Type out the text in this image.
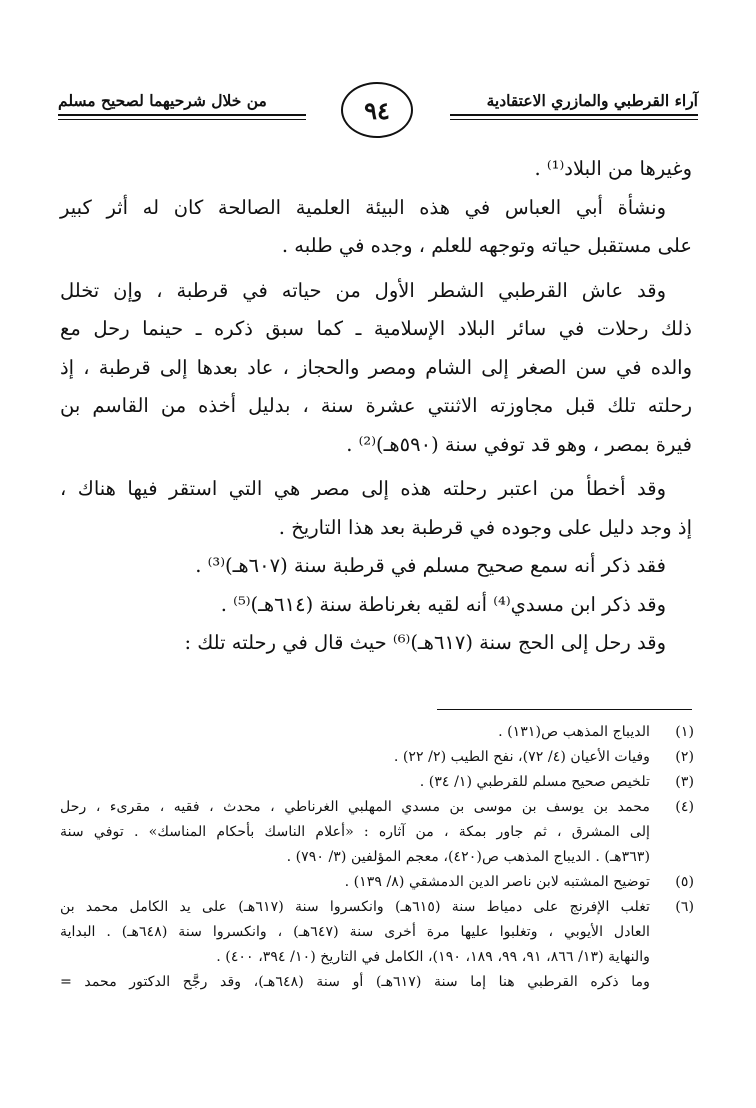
آراء القرطبي والمازري الاعتقادية
٩٤
من خلال شرحيهما لصحيح مسلم
وغيرها من البلاد⁽¹⁾ .
ونشأة أبي العباس في هذه البيئة العلمية الصالحة كان له أثر كبير
على مستقبل حياته وتوجهه للعلم ، وجده في طلبه .
وقد عاش القرطبي الشطر الأول من حياته في قرطبة ، وإن تخلل
ذلك رحلات في سائر البلاد الإسلامية ـ كما سبق ذكره ـ حينما رحل مع
والده في سن الصغر إلى الشام ومصر والحجاز ، عاد بعدها إلى قرطبة ، إذ
رحلته تلك قبل مجاوزته الاثنتي عشرة سنة ، بدليل أخذه من القاسم بن
فيرة بمصر ، وهو قد توفي سنة (٥٩٠هـ)⁽²⁾ .
وقد أخطأ من اعتبر رحلته هذه إلى مصر هي التي استقر فيها هناك ،
إذ وجد دليل على وجوده في قرطبة بعد هذا التاريخ .
فقد ذكر أنه سمع صحيح مسلم في قرطبة سنة (٦٠٧هـ)⁽³⁾ .
وقد ذكر ابن مسدي⁽⁴⁾ أنه لقيه بغرناطة سنة (٦١٤هـ)⁽⁵⁾ .
وقد رحل إلى الحج سنة (٦١٧هـ)⁽⁶⁾ حيث قال في رحلته تلك :
(١)
الديباج المذهب ص(١٣١) .
(٢)
وفيات الأعيان (٤/ ٧٢)، نفح الطيب (٢/ ٢٢) .
(٣)
تلخيص صحيح مسلم للقرطبي (١/ ٣٤) .
(٤)
محمد بن يوسف بن موسى بن مسدي المهلبي الغرناطي ، محدث ، فقيه ، مقرىء ، رحل
إلى المشرق ، ثم جاور بمكة ، من آثاره : «أعلام الناسك بأحكام المناسك» . توفي سنة
(٣٦٣هـ) . الديباج المذهب ص(٤٢٠)، معجم المؤلفين (٣/ ٧٩٠) .
(٥)
توضيح المشتبه لابن ناصر الدين الدمشقي (٨/ ١٣٩) .
(٦)
تغلب الإفرنج على دمياط سنة (٦١٥هـ) وانكسروا سنة (٦١٧هـ) على يد الكامل محمد بن
العادل الأيوبي ، وتغلبوا عليها مرة أخرى سنة (٦٤٧هـ) ، وانكسروا سنة (٦٤٨هـ) . البداية
والنهاية (١٣/ ٨٦٦، ٩١، ٩٩، ١٨٩، ١٩٠)، الكامل في التاريخ (١٠/ ٣٩٤، ٤٠٠) .
وما ذكره القرطبي هنا إما سنة (٦١٧هـ) أو سنة (٦٤٨هـ)، وقد رجَّح الدكتور محمد =
